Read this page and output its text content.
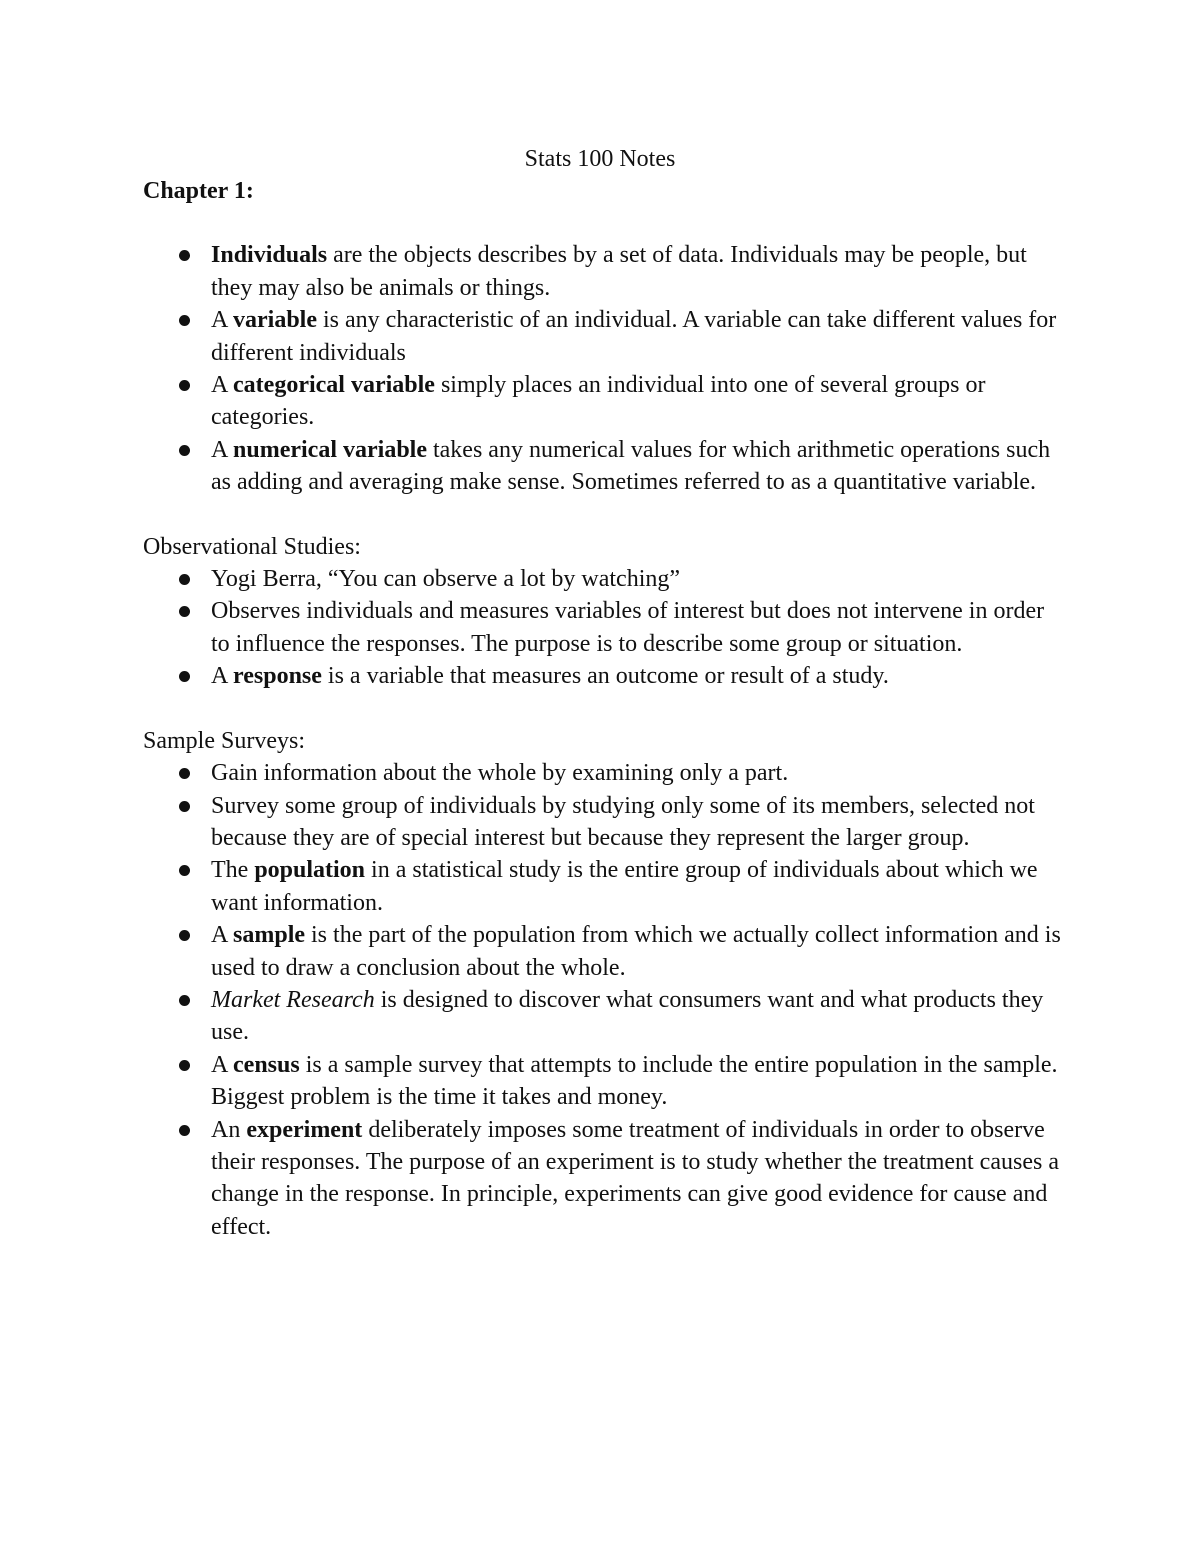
Stats 100 Notes

Chapter 1:

Individuals are the objects describes by a set of data. Individuals may be people, but they may also be animals or things.
A variable is any characteristic of an individual. A variable can take different values for different individuals
A categorical variable simply places an individual into one of several groups or categories.
A numerical variable takes any numerical values for which arithmetic operations such as adding and averaging make sense. Sometimes referred to as a quantitative variable.

Observational Studies:

Yogi Berra, “You can observe a lot by watching”
Observes individuals and measures variables of interest but does not intervene in order to influence the responses. The purpose is to describe some group or situation.
A response is a variable that measures an outcome or result of a study.

Sample Surveys:

Gain information about the whole by examining only a part.
Survey some group of individuals by studying only some of its members, selected not because they are of special interest but because they represent the larger group.
The population in a statistical study is the entire group of individuals about which we want information.
A sample is the part of the population from which we actually collect information and is used to draw a conclusion about the whole.
Market Research is designed to discover what consumers want and what products they use.
A census is a sample survey that attempts to include the entire population in the sample. Biggest problem is the time it takes and money.
An experiment deliberately imposes some treatment of individuals in order to observe their responses. The purpose of an experiment is to study whether the treatment causes a change in the response. In principle, experiments can give good evidence for cause and effect.
